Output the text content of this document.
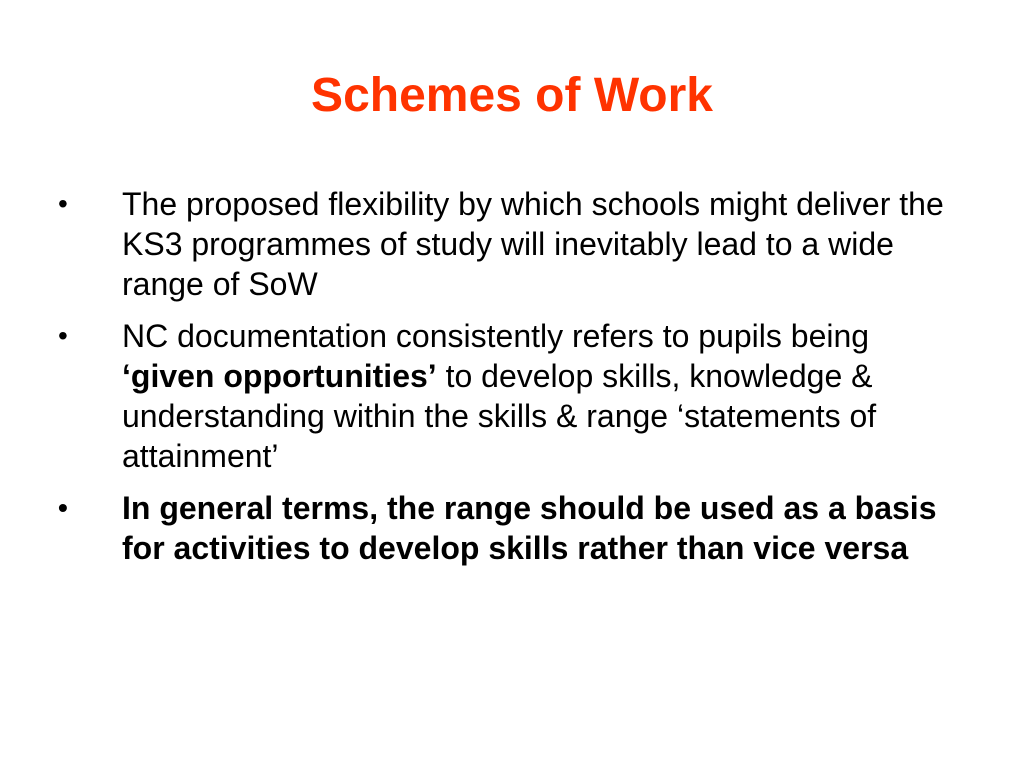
Schemes of Work
•	The proposed flexibility by which schools might deliver the KS3 programmes of study will inevitably lead to a wide range of SoW
•	NC documentation consistently refers to pupils being ‘given opportunities’ to develop skills, knowledge & understanding within the skills & range ‘statements of attainment’
•	In general terms, the range should be used as a basis for activities to develop skills rather than vice versa
